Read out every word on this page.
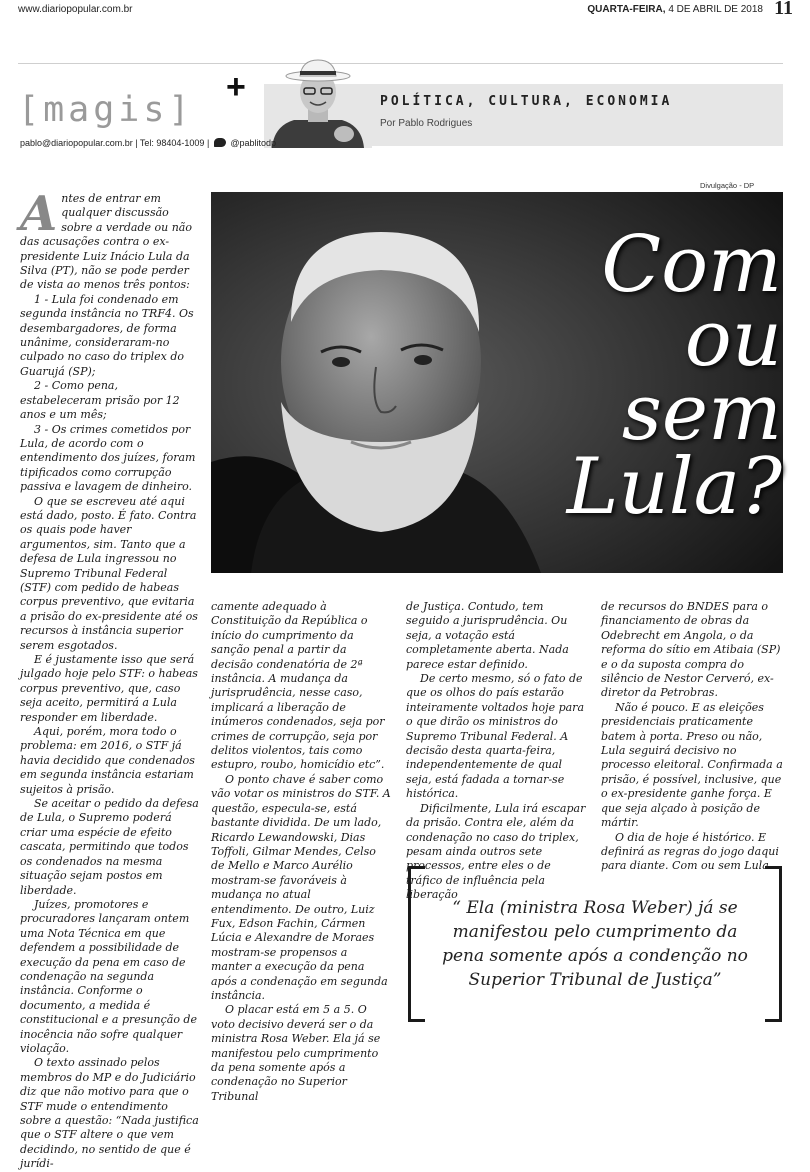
www.diariopopular.com.br	QUARTA-FEIRA, 4 DE ABRIL DE 2018 11
[magis]
+	POLÍTICA, CULTURA, ECONOMIA
Por Pablo Rodrigues
pablo@diariopopular.com.br | Tel: 98404-1009 |  @pablitodp
Divulgação - DP
Com
ou
sem
Lula?

Antes de entrar em qualquer discussão sobre a verdade ou não das acusações contra o ex-presidente Luiz Inácio Lula da Silva (PT), não se pode perder de vista ao menos três pontos:

1 - Lula foi condenado em segunda instância no TRF4. Os desembargadores, de forma unânime, consideraram-no culpado no caso do triplex do Guarujá (SP);

2 - Como pena, estabeleceram prisão por 12 anos e um mês;

3 - Os crimes cometidos por Lula, de acordo com o entendimento dos juízes, foram tipificados como corrupção passiva e lavagem de dinheiro.

O que se escreveu até aqui está dado, posto. É fato. Contra os quais pode haver argumentos, sim. Tanto que a defesa de Lula ingressou no Supremo Tribunal Federal (STF) com pedido de habeas corpus preventivo, que evitaria a prisão do ex-presidente até os recursos à instância superior serem esgotados.

E é justamente isso que será julgado hoje pelo STF: o habeas corpus preventivo, que, caso seja aceito, permitirá a Lula responder em liberdade.

Aqui, porém, mora todo o problema: em 2016, o STF já havia decidido que condenados em segunda instância estariam sujeitos à prisão.

Se aceitar o pedido da defesa de Lula, o Supremo poderá criar uma espécie de efeito cascata, permitindo que todos os condenados na mesma situação sejam postos em liberdade.

Juízes, promotores e procuradores lançaram ontem uma Nota Técnica em que defendem a possibilidade de execução da pena em caso de condenação na segunda instância. Conforme o documento, a medida é constitucional e a presunção de inocência não sofre qualquer violação.

O texto assinado pelos membros do MP e do Judiciário diz que não motivo para que o STF mude o entendimento sobre a questão: “Nada justifica que o STF altere o que vem decidindo, no sentido de que é jurídi-

camente adequado à Constituição da República o início do cumprimento da sanção penal a partir da decisão condenatória de 2ª instância. A mudança da jurisprudência, nesse caso, implicará a liberação de inúmeros condenados, seja por crimes de corrupção, seja por delitos violentos, tais como estupro, roubo, homicídio etc”.

O ponto chave é saber como vão votar os ministros do STF. A questão, especula-se, está bastante dividida. De um lado, Ricardo Lewandowski, Dias Toffoli, Gilmar Mendes, Celso de Mello e Marco Aurélio mostram-se favoráveis à mudança no atual entendimento. De outro, Luiz Fux, Edson Fachin, Cármen Lúcia e Alexandre de Moraes mostram-se propensos a manter a execução da pena após a condenação em segunda instância.

O placar está em 5 a 5. O voto decisivo deverá ser o da ministra Rosa Weber. Ela já se manifestou pelo cumprimento da pena somente após a condenação no Superior Tribunal

de Justiça. Contudo, tem seguido a jurisprudência. Ou seja, a votação está completamente aberta. Nada parece estar definido.

De certo mesmo, só o fato de que os olhos do país estarão inteiramente voltados hoje para o que dirão os ministros do Supremo Tribunal Federal. A decisão desta quarta-feira, independentemente de qual seja, está fadada a tornar-se histórica.

Dificilmente, Lula irá escapar da prisão. Contra ele, além da condenação no caso do triplex, pesam ainda outros sete processos, entre eles o de tráfico de influência pela liberação

de recursos do BNDES para o financiamento de obras da Odebrecht em Angola, o da reforma do sítio em Atibaia (SP) e o da suposta compra do silêncio de Nestor Cerveró, ex-diretor da Petrobras.

Não é pouco. E as eleições presidenciais praticamente batem à porta. Preso ou não, Lula seguirá decisivo no processo eleitoral. Confirmada a prisão, é possível, inclusive, que o ex-presidente ganhe força. E que seja alçado à posição de mártir.

O dia de hoje é histórico. E definirá as regras do jogo daqui para diante. Com ou sem Lula.

“ Ela (ministra Rosa Weber) já se manifestou pelo cumprimento da pena somente após a condenção no Superior Tribunal de Justiça”
